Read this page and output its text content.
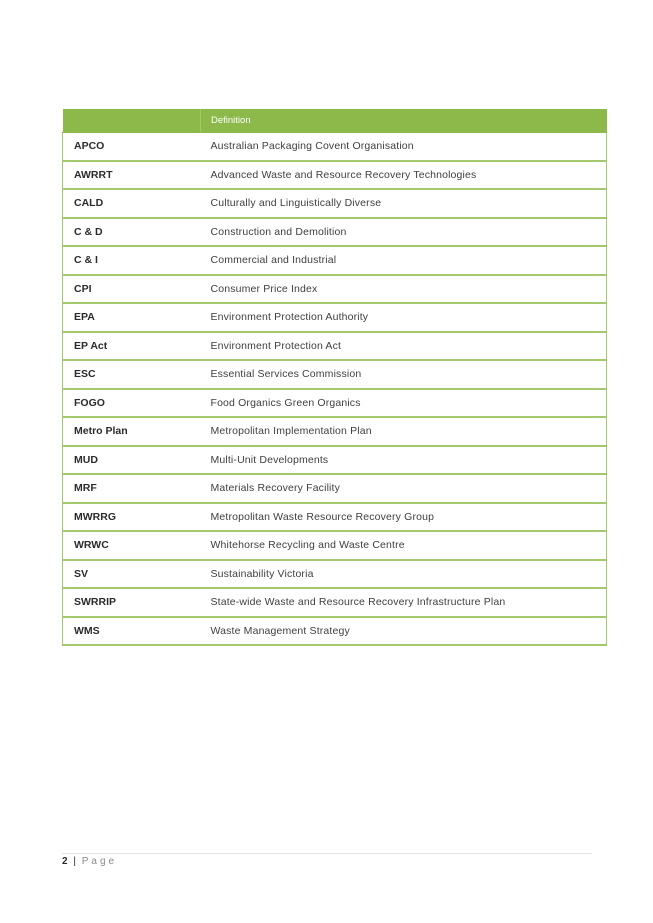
	Definition
APCO	Australian Packaging Covent Organisation
AWRRT	Advanced Waste and Resource Recovery Technologies
CALD	Culturally and Linguistically Diverse
C & D	Construction and Demolition
C & I	Commercial and Industrial
CPI	Consumer Price Index
EPA	Environment Protection Authority
EP Act	Environment Protection Act
ESC	Essential Services Commission
FOGO	Food Organics Green Organics
Metro Plan	Metropolitan Implementation Plan
MUD	Multi-Unit Developments
MRF	Materials Recovery Facility
MWRRG	Metropolitan Waste Resource Recovery Group
WRWC	Whitehorse Recycling and Waste Centre
SV	Sustainability Victoria
SWRRIP	State-wide Waste and Resource Recovery Infrastructure Plan
WMS	Waste Management Strategy
2 | Page
